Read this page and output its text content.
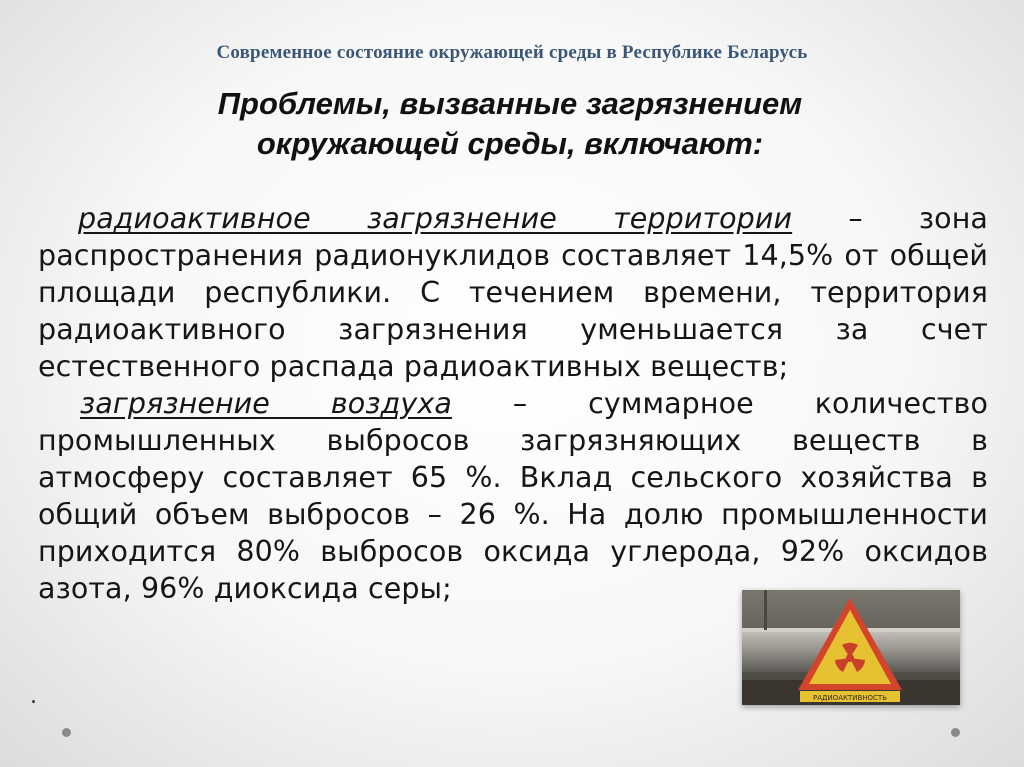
Современное состояние окружающей среды в Республике Беларусь
Проблемы, вызванные загрязнением окружающей среды, включают:

радиоактивное загрязнение территории – зона распространения радионуклидов составляет 14,5% от общей площади республики. С течением времени, территория радиоактивного загрязнения уменьшается за счет естественного распада радиоактивных веществ;

загрязнение воздуха – суммарное количество промышленных выбросов загрязняющих веществ в атмосферу составляет 65 %. Вклад сельского хозяйства в общий объем выбросов – 26 %. На долю промышленности приходится 80% выбросов оксида углерода, 92% оксидов азота, 96% диоксида серы;

.	РАДИОАКТИВНОСТЬ
